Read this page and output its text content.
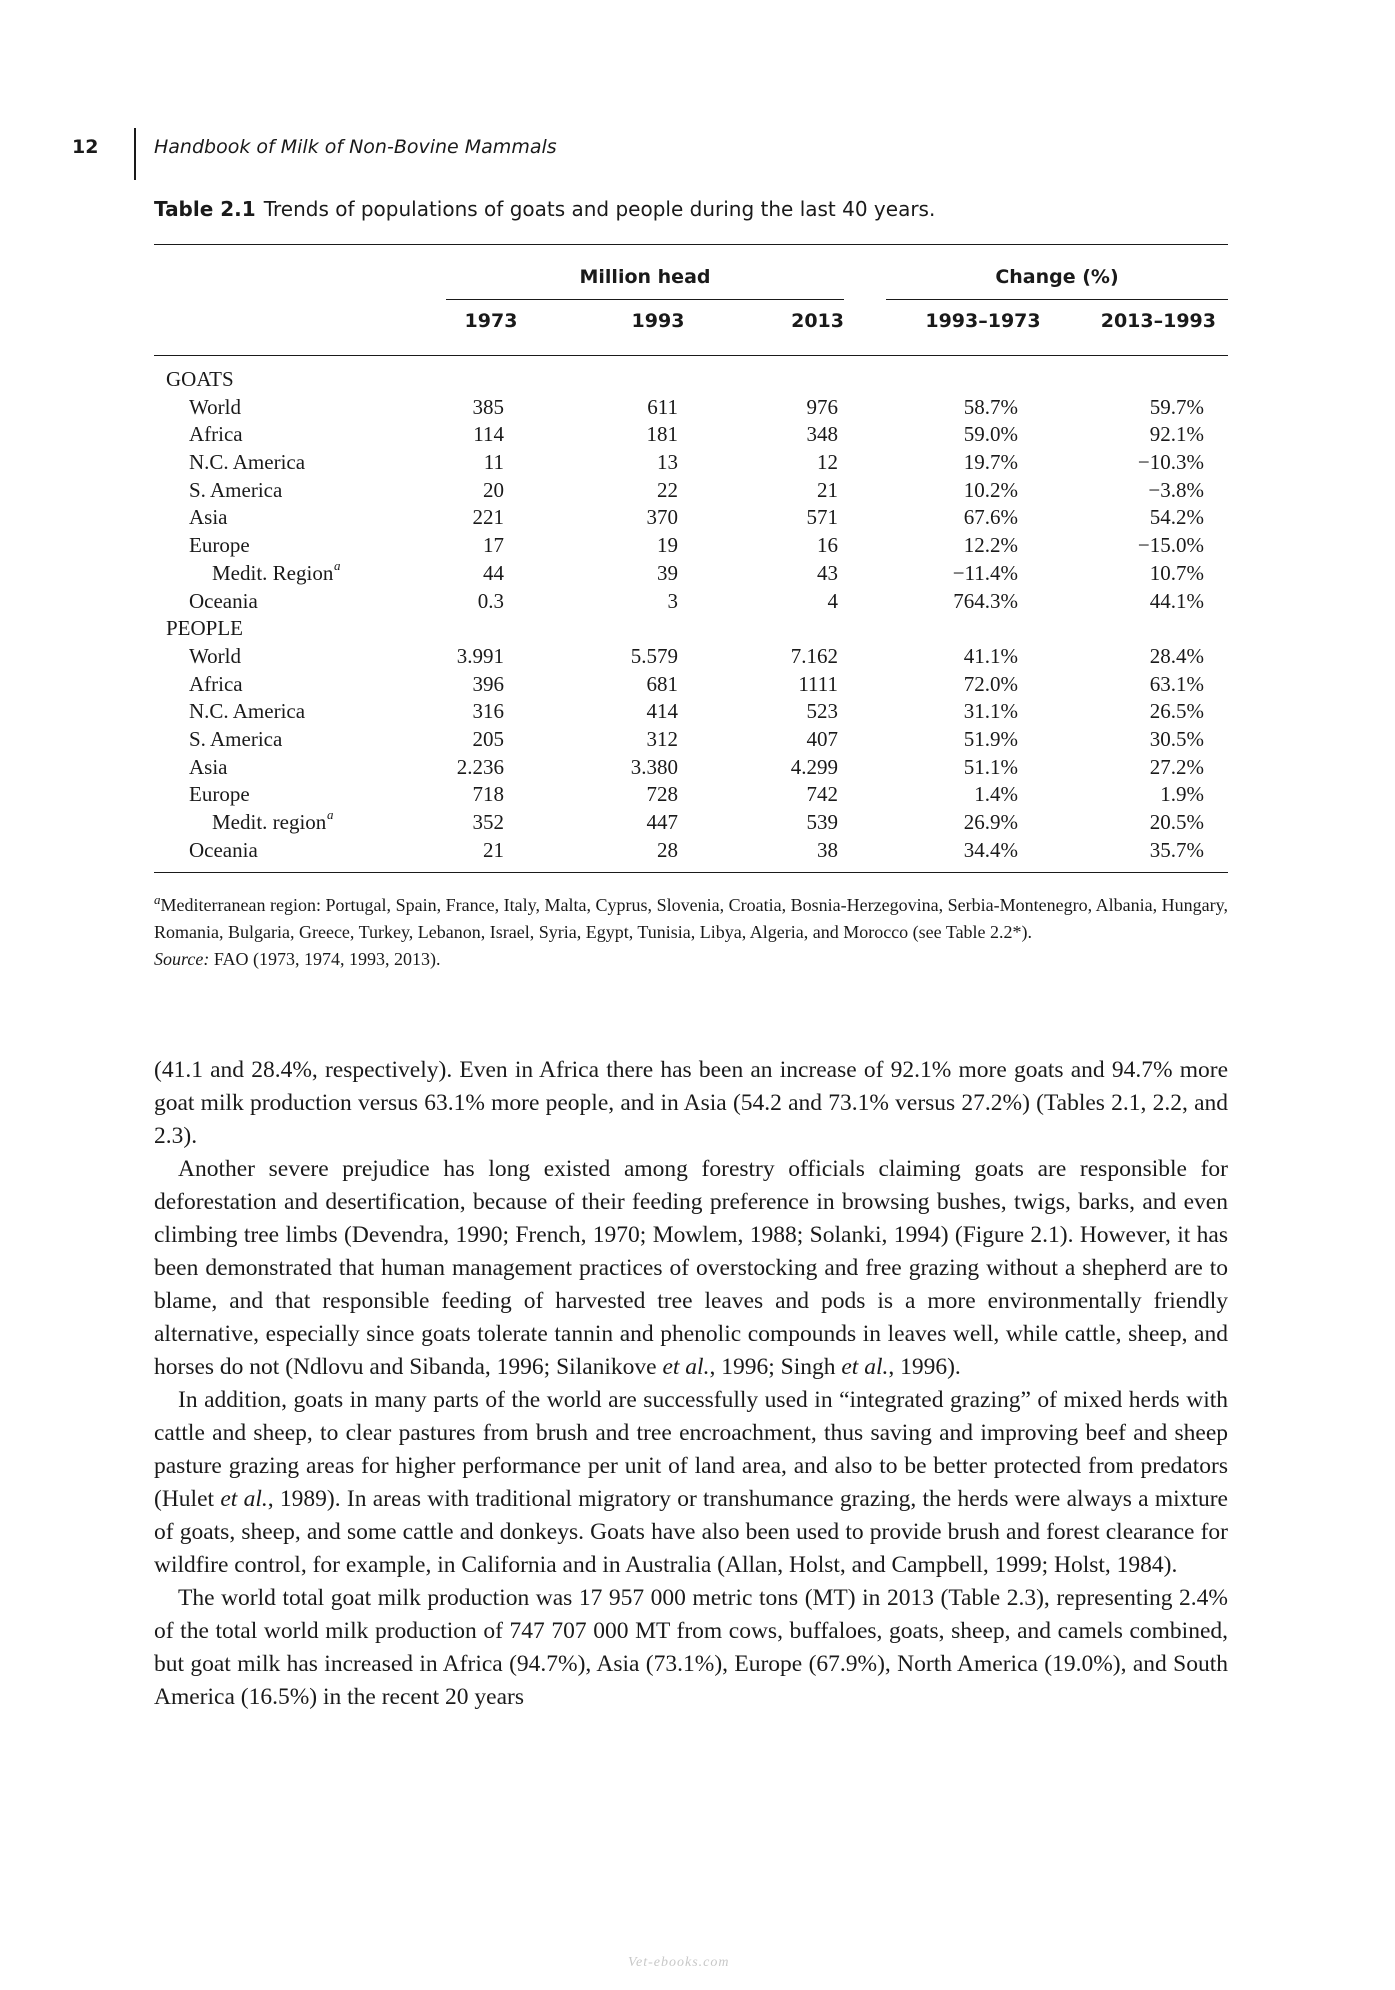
12	Handbook of Milk of Non-Bovine Mammals
Table 2.1 Trends of populations of goats and people during the last 40 years.
Million head	Change (%)
1973	1993	2013	1993–1973	2013–1993
GOATS
World	385	611	976	58.7%	59.7%
Africa	114	181	348	59.0%	92.1%
N.C. America	11	13	12	19.7%	−10.3%
S. America	20	22	21	10.2%	−3.8%
Asia	221	370	571	67.6%	54.2%
Europe	17	19	16	12.2%	−15.0%
Medit. Region a	44	39	43	−11.4%	10.7%
Oceania	0.3	3	4	764.3%	44.1%
PEOPLE
World	3.991	5.579	7.162	41.1%	28.4%
Africa	396	681	1111	72.0%	63.1%
N.C. America	316	414	523	31.1%	26.5%
S. America	205	312	407	51.9%	30.5%
Asia	2.236	3.380	4.299	51.1%	27.2%
Europe	718	728	742	1.4%	1.9%
Medit. region a	352	447	539	26.9%	20.5%
Oceania	21	28	38	34.4%	35.7%

$^a$Mediterranean region: Portugal, Spain, France, Italy, Malta, Cyprus, Slovenia, Croatia, Bosnia-Herzegovina, Serbia-Montenegro, Albania, Hungary, Romania, Bulgaria, Greece, Turkey, Lebanon, Israel, Syria, Egypt, Tunisia, Libya, Algeria, and Morocco (see Table 2.2*).

Source: FAO (1973, 1974, 1993, 2013).

(41.1 and 28.4%, respectively). Even in Africa there has been an increase of 92.1% more goats and 94.7% more goat milk production versus 63.1% more people, and in Asia (54.2 and 73.1% versus 27.2%) (Tables 2.1, 2.2, and 2.3).

Another severe prejudice has long existed among forestry officials claiming goats are responsible for deforestation and desertification, because of their feeding preference in browsing bushes, twigs, barks, and even climbing tree limbs (Devendra, 1990; French, 1970; Mowlem, 1988; Solanki, 1994) (Figure 2.1). However, it has been demonstrated that human management practices of overstocking and free grazing without a shepherd are to blame, and that responsible feeding of harvested tree leaves and pods is a more environmentally friendly alternative, especially since goats tolerate tannin and phenolic compounds in leaves well, while cattle, sheep, and horses do not (Ndlovu and Sibanda, 1996; Silanikove et al., 1996; Singh et al., 1996).

In addition, goats in many parts of the world are successfully used in “integrated grazing” of mixed herds with cattle and sheep, to clear pastures from brush and tree encroachment, thus saving and improving beef and sheep pasture grazing areas for higher performance per unit of land area, and also to be better protected from predators (Hulet et al., 1989). In areas with traditional migratory or transhumance grazing, the herds were always a mixture of goats, sheep, and some cattle and donkeys. Goats have also been used to provide brush and forest clearance for wildfire control, for example, in California and in Australia (Allan, Holst, and Campbell, 1999; Holst, 1984).

The world total goat milk production was 17 957 000 metric tons (MT) in 2013 (Table 2.3), representing 2.4% of the total world milk production of 747 707 000 MT from cows, buffaloes, goats, sheep, and camels combined, but goat milk has increased in Africa (94.7%), Asia (73.1%), Europe (67.9%), North America (19.0%), and South America (16.5%) in the recent 20 years

Vet-ebooks.com
